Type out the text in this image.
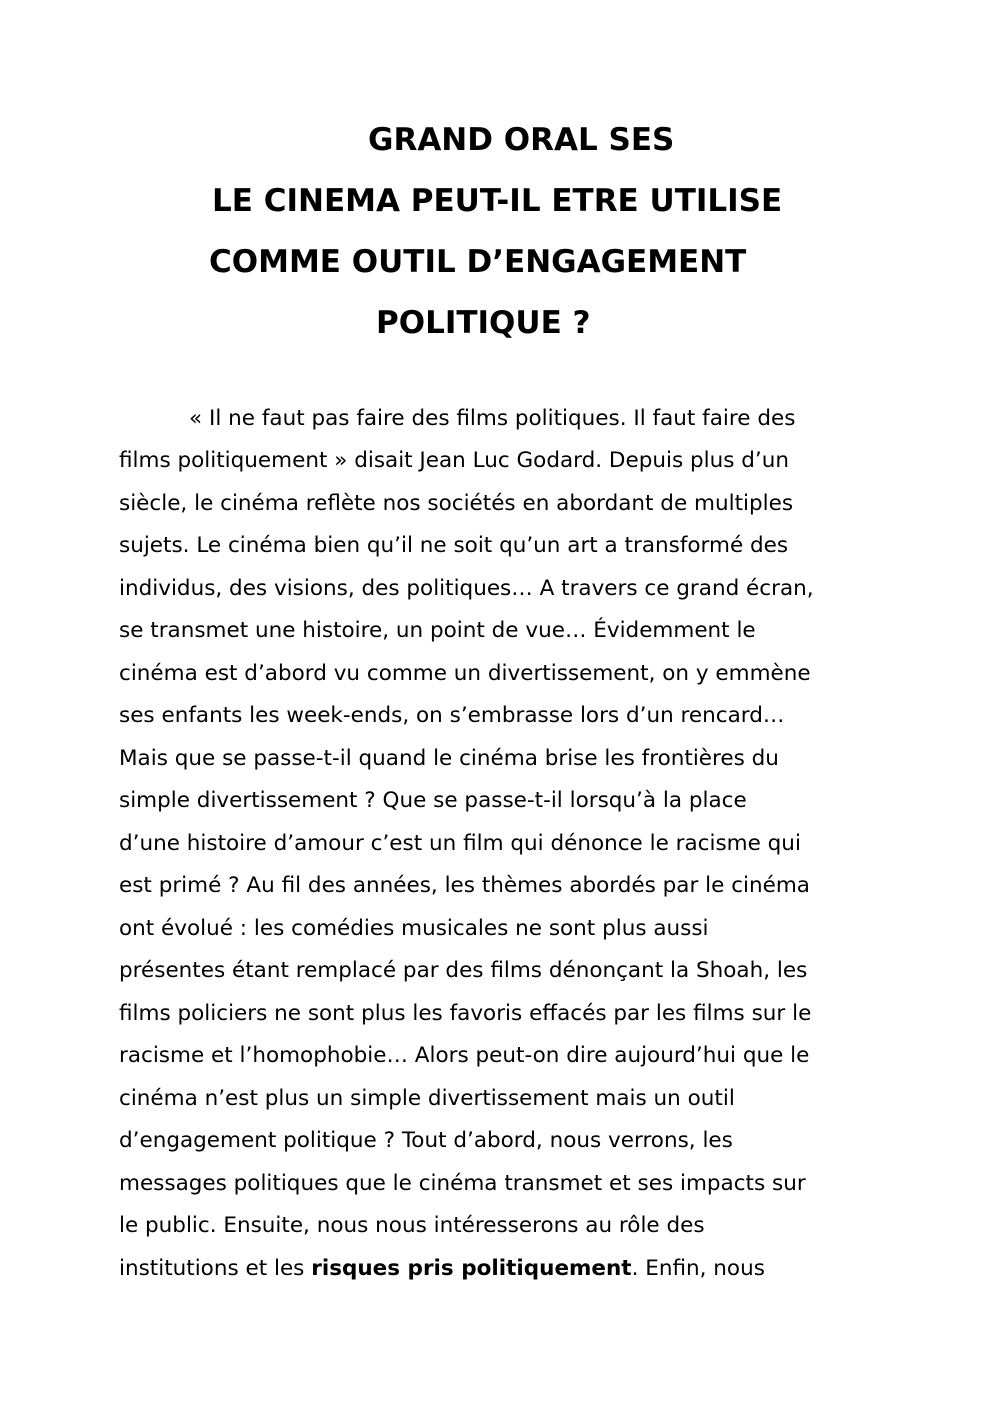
GRAND ORAL SES
LE CINEMA PEUT-IL ETRE UTILISE
COMME OUTIL D’ENGAGEMENT
POLITIQUE ?

« Il ne faut pas faire des films politiques. Il faut faire des

films politiquement » disait Jean Luc Godard. Depuis plus d’un

siècle, le cinéma reflète nos sociétés en abordant de multiples

sujets. Le cinéma bien qu’il ne soit qu’un art a transformé des

individus, des visions, des politiques… A travers ce grand écran,

se transmet une histoire, un point de vue… Évidemment le

cinéma est d’abord vu comme un divertissement, on y emmène

ses enfants les week-ends, on s’embrasse lors d’un rencard…

Mais que se passe-t-il quand le cinéma brise les frontières du

simple divertissement ? Que se passe-t-il lorsqu’à la place

d’une histoire d’amour c’est un film qui dénonce le racisme qui

est primé ? Au fil des années, les thèmes abordés par le cinéma

ont évolué : les comédies musicales ne sont plus aussi

présentes étant remplacé par des films dénonçant la Shoah, les

films policiers ne sont plus les favoris effacés par les films sur le

racisme et l’homophobie… Alors peut-on dire aujourd’hui que le

cinéma n’est plus un simple divertissement mais un outil

d’engagement politique ? Tout d’abord, nous verrons, les

messages politiques que le cinéma transmet et ses impacts sur

le public. Ensuite, nous nous intéresserons au rôle des

institutions et les risques pris politiquement. Enfin, nous
